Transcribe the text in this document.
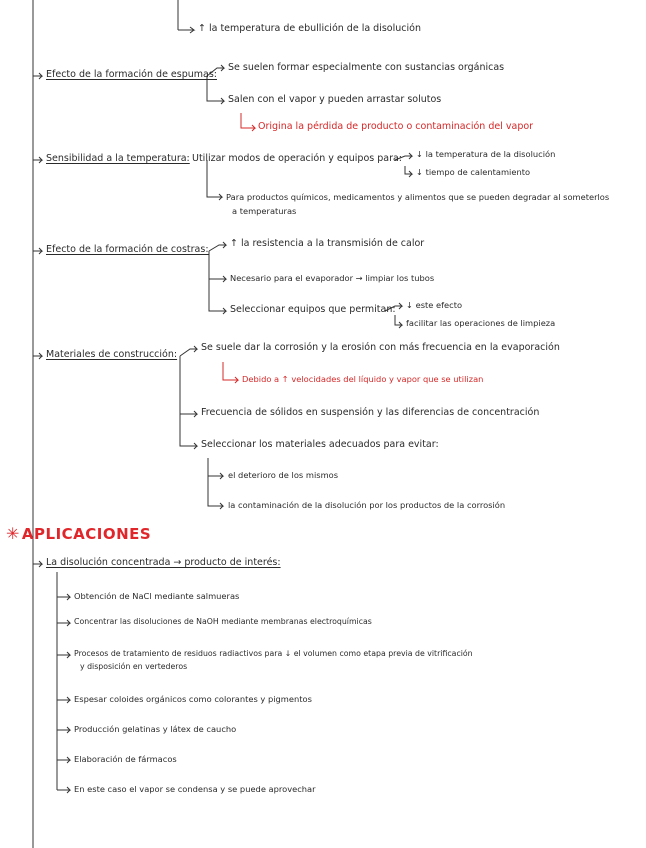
↑ la temperatura de ebullición de la disolución
Efecto de la formación de espumas:
Se suelen formar especialmente con sustancias orgánicas
Salen con el vapor y pueden arrastar solutos
Origina la pérdida de producto o contaminación del vapor
Sensibilidad a la temperatura: Utilizar modos de operación y equipos para: ↓ la temperatura de la disolución
↓ tiempo de calentamiento
Para productos químicos, medicamentos y alimentos que se pueden degradar al someterlos
a temperaturas
Efecto de la formación de costras:
↑ la resistencia a la transmisión de calor
Necesario para el evaporador → limpiar los tubos
Seleccionar equipos que permitan: ↓ este efecto
facilitar las operaciones de limpieza
Materiales de construcción:
Se suele dar la corrosión y la erosión con más frecuencia en la evaporación
Debido a ↑ velocidades del líquido y vapor que se utilizan
Frecuencia de sólidos en suspensión y las diferencias de concentración
Seleccionar los materiales adecuados para evitar:
el deterioro de los mismos
la contaminación de la disolución por los productos de la corrosión
✳ APLICACIONES
La disolución concentrada → producto de interés:
Obtención de NaCl mediante salmueras
Concentrar las disoluciones de NaOH mediante membranas electroquímicas
Procesos de tratamiento de residuos radiactivos para ↓ el volumen como etapa previa de vitrificación
y disposición en vertederos
Espesar coloides orgánicos como colorantes y pigmentos
Producción gelatinas y látex de caucho
Elaboración de fármacos
En este caso el vapor se condensa y se puede aprovechar
